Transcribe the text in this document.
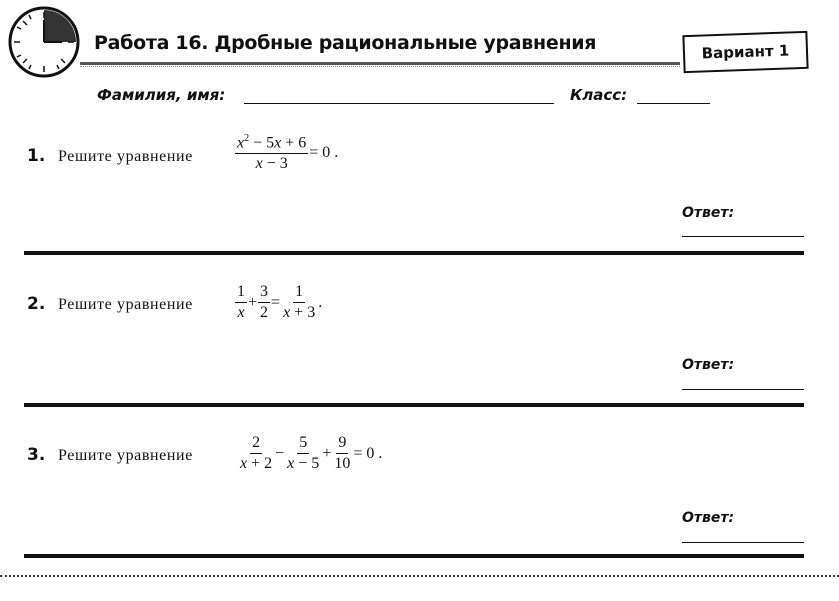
Работа 16. Дробные рациональные уравнения	Вариант 1
Фамилия, имя:	Класс:
1. Решите уравнение	$\frac{x^2 - 5x + 6}{x - 3} = 0$ .
Ответ:
2. Решите уравнение	$\frac{1}{x} + \frac{3}{2} = \frac{1}{x + 3}$ .
Ответ:
3. Решите уравнение	$\frac{2}{x + 2} - \frac{5}{x - 5} + \frac{9}{10} = 0$ .
Ответ:
